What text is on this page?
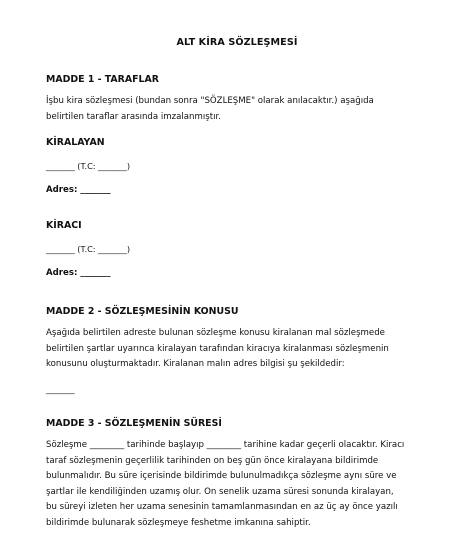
ALT KİRA SÖZLEŞMESİ
MADDE 1 - TARAFLAR
İşbu kira sözleşmesi (bundan sonra "SÖZLEŞME" olarak anılacaktır.) aşağıda
belirtilen taraflar arasında imzalanmıştır.
KİRALAYAN
_______ (T.C: _______)
Adres: _______
KİRACI
_______ (T.C: _______)
Adres: _______
MADDE 2 - SÖZLEŞMESİNİN KONUSU
Aşağıda belirtilen adreste bulunan sözleşme konusu kiralanan mal sözleşmede
belirtilen şartlar uyarınca kiralayan tarafından kiracıya kiralanması sözleşmenin
konusunu oluşturmaktadır. Kiralanan malın adres bilgisi şu şekildedir:
_______
MADDE 3 - SÖZLEŞMENİN SÜRESİ
Sözleşme ________ tarihinde başlayıp ________ tarihine kadar geçerli olacaktır. Kiracı
taraf sözleşmenin geçerlilik tarihinden on beş gün önce kiralayana bildirimde
bulunmalıdır. Bu süre içerisinde bildirimde bulunulmadıkça sözleşme aynı süre ve
şartlar ile kendiliğinden uzamış olur. On senelik uzama süresi sonunda kiralayan,
bu süreyi izleten her uzama senesinin tamamlanmasından en az üç ay önce yazılı
bildirimde bulunarak sözleşmeye feshetme imkanına sahiptir.
